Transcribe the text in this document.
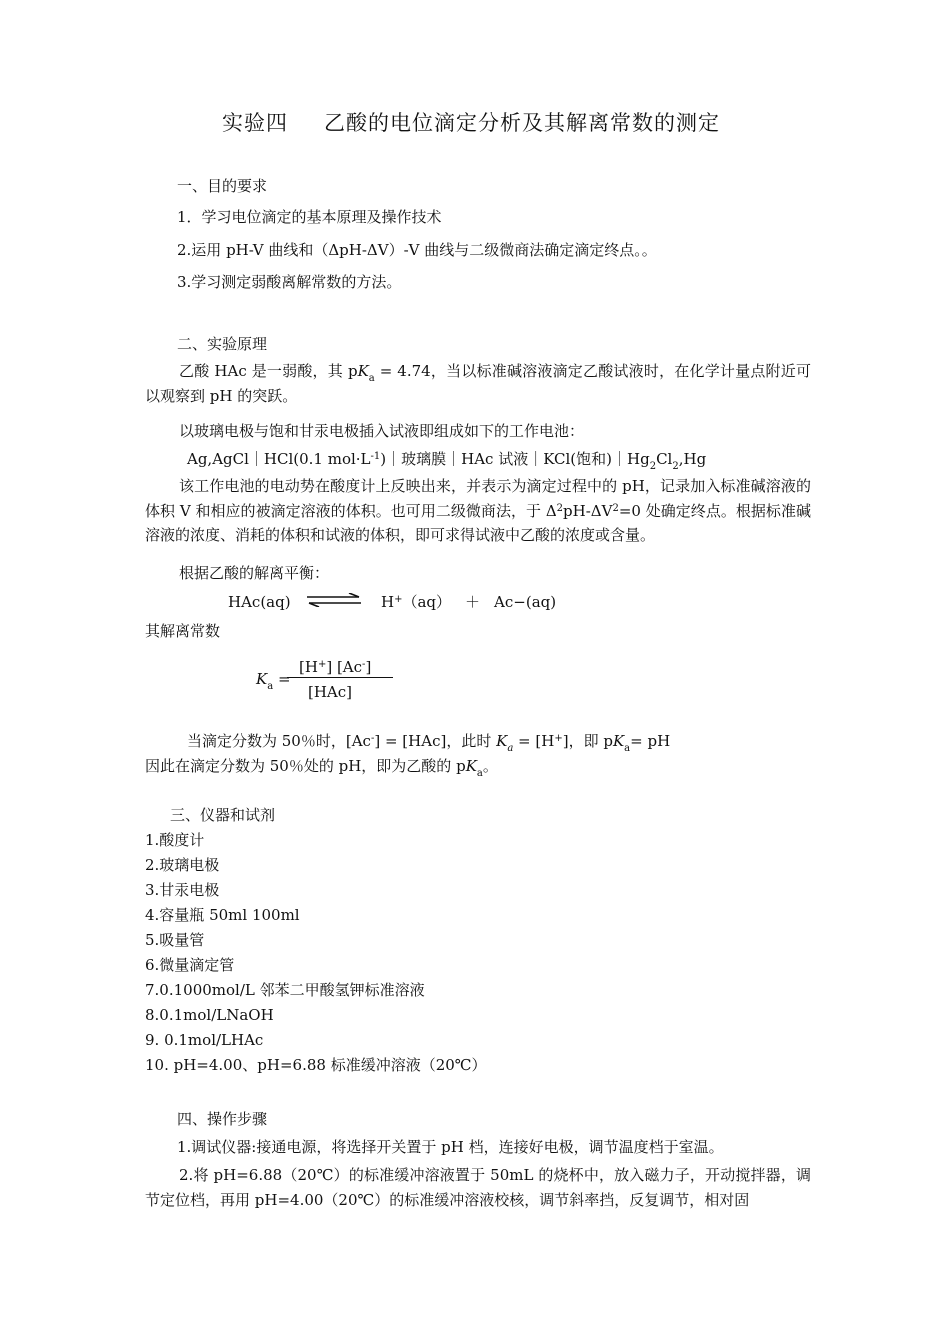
实验四 乙酸的电位滴定分析及其解离常数的测定
一、目的要求
1．学习电位滴定的基本原理及操作技术
2.运用 pH-V 曲线和（ΔpH-ΔV）-V 曲线与二级微商法确定滴定终点。。
3.学习测定弱酸离解常数的方法。
二、实验原理
乙酸 HAc 是一弱酸，其 $pK_a = 4.74$，当以标准碱溶液滴定乙酸试液时，在化学计量点附近可以观察到 pH 的突跃。
以玻璃电极与饱和甘汞电极插入试液即组成如下的工作电池：
Ag,AgCl｜HCl(0.1 $mol\cdot L^{-1})|$玻璃膜｜HAc 试液｜KCl(饱和)$|Hg_2Cl_2,Hg$
该工作电池的电动势在酸度计上反映出来，并表示为滴定过程中的 pH，记录加入标准碱溶液的体积 V 和相应的被滴定溶液的体积。也可用二级微商法，于 $\Delta^2pH-\Delta V^2=0$ 处确定终点。根据标准碱溶液的浓度、消耗的体积和试液的体积，即可求得试液中乙酸的浓度或含量。
根据乙酸的解离平衡：
HAc(aq) ⇌ H+（aq） ＋ Ac−(aq)
其解离常数
$K_a$ =
[H+] [Ac-]
[HAc]
当滴定分数为 50％时，[Ac-] = [HAc]，此时 $K_a = [H^+]$，即 $pK_a=$ pH
因此在滴定分数为 50％处的 pH，即为乙酸的 $pK_a$。
三、仪器和试剂
1.酸度计
2.玻璃电极
3.甘汞电极
4.容量瓶 50ml 100ml
5.吸量管
6.微量滴定管
7.0.1000mol/L 邻苯二甲酸氢钾标准溶液
8.0.1mol/LNaOH
9. 0.1mol/LHAc
10. pH=4.00、pH=6.88 标准缓冲溶液（20℃）
四、操作步骤
1.调试仪器:接通电源，将选择开关置于 pH 档，连接好电极，调节温度档于室温。
2.将 pH=6.88（20℃）的标准缓冲溶液置于 50mL 的烧杯中，放入磁力子，开动搅拌器，调节定位档，再用 pH=4.00（20℃）的标准缓冲溶液校核，调节斜率挡，反复调节，相对固
